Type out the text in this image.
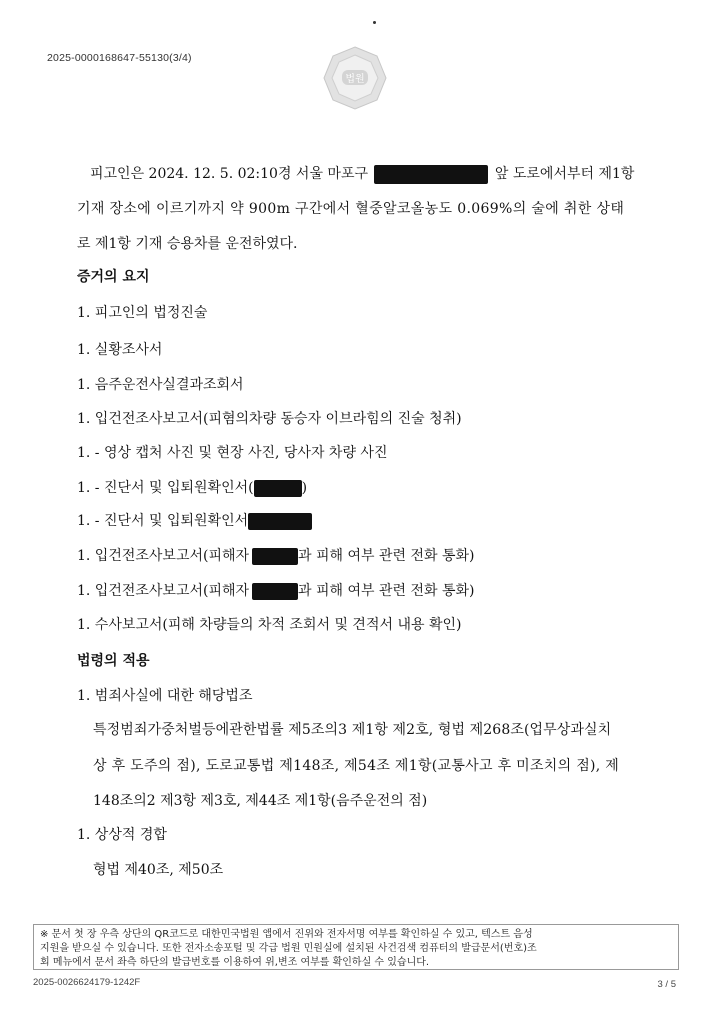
2025-0000168647-55130(3/4)
법원
피고인은 2024. 12. 5. 02:10경 서울 마포구	앞 도로에서부터 제1항
기재 장소에 이르기까지 약 900m 구간에서 혈중알코올농도 0.069%의 술에 취한 상태
로 제1항 기재 승용차를 운전하였다.
증거의 요지
1. 피고인의 법정진술
1. 실황조사서
1. 음주운전사실결과조회서
1. 입건전조사보고서(피혐의차량 동승자 이브라힘의 진술 청취)
1. - 영상 캡처 사진 및 현장 사진, 당사자 차량 사진
1. - 진단서 및 입퇴원확인서(	)
1. - 진단서 및 입퇴원확인서
1. 입건전조사보고서(피해자	과 피해 여부 관련 전화 통화)
1. 입건전조사보고서(피해자	과 피해 여부 관련 전화 통화)
1. 수사보고서(피해 차량들의 차적 조회서 및 견적서 내용 확인)
법령의 적용
1. 범죄사실에 대한 해당법조
특정범죄가중처벌등에관한법률 제5조의3 제1항 제2호, 형법 제268조(업무상과실치
상 후 도주의 점), 도로교통법 제148조, 제54조 제1항(교통사고 후 미조치의 점), 제
148조의2 제3항 제3호, 제44조 제1항(음주운전의 점)
1. 상상적 경합
형법 제40조, 제50조
※ 문서 첫 장 우측 상단의 QR코드로 대한민국법원 앱에서 진위와 전자서명 여부를 확인하실 수 있고, 텍스트 음성
지원을 받으실 수 있습니다. 또한 전자소송포털 및 각급 법원 민원실에 설치된 사건검색 컴퓨터의 발급문서(번호)조
회 메뉴에서 문서 좌측 하단의 발급번호를 이용하여 위,변조 여부를 확인하실 수 있습니다.
2025-0026624179-1242F	3 / 5
